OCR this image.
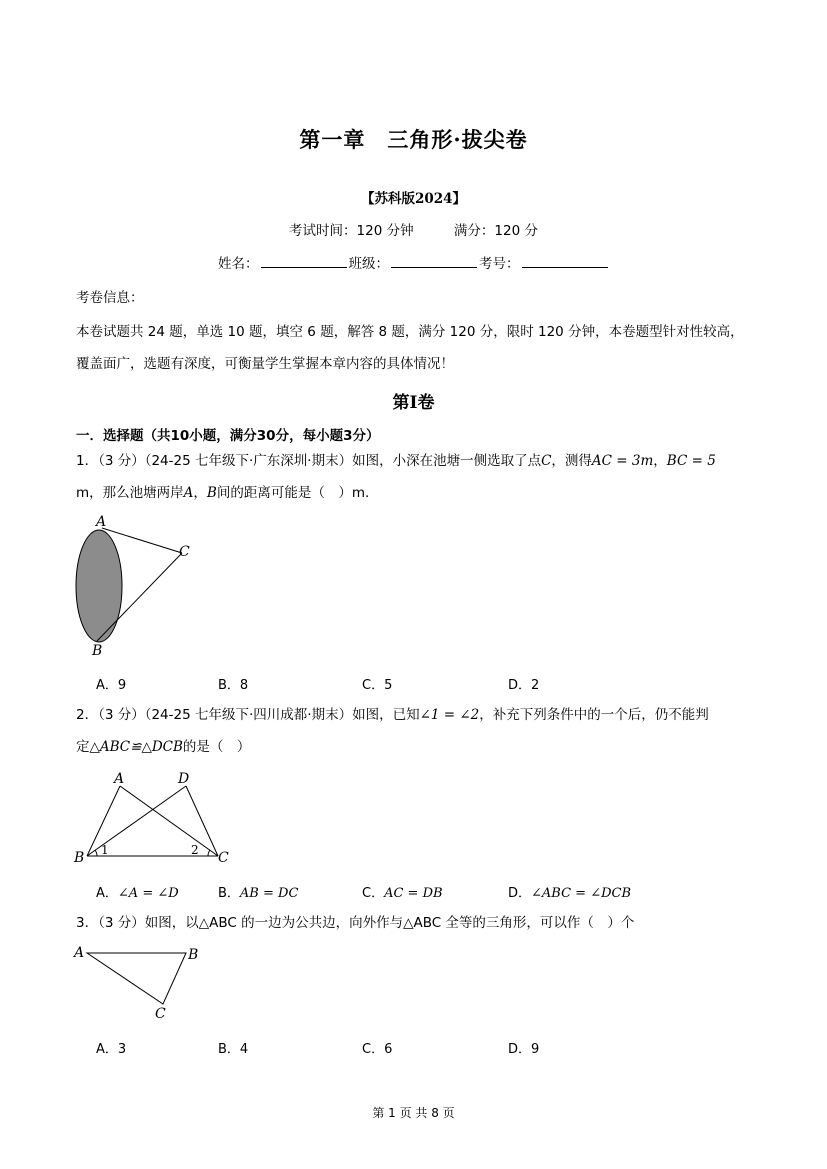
第一章　三角形·拔尖卷
【苏科版2024】
考试时间：120 分钟	满分：120 分
姓名：	班级：	考号：
考卷信息：
本卷试题共 24 题，单选 10 题，填空 6 题，解答 8 题，满分 120 分，限时 120 分钟，本卷题型针对性较高，覆盖面广，选题有深度，可衡量学生掌握本章内容的具体情况！
第Ⅰ卷
一．选择题（共10小题，满分30分，每小题3分）
1．（3 分）（24-25 七年级下·广东深圳·期末）如图，小深在池塘一侧选取了点C，测得AC = 3m，BC = 5
m，那么池塘两岸A，B间的距离可能是（　）m．
A
C
B
A．9	B．8	C．5	D．2
2．（3 分）（24-25 七年级下·四川成都·期末）如图，已知∠1 = ∠2，补充下列条件中的一个后，仍不能判
定△ABC≌△DCB的是（　）
A	D
B	C
1	2
A．∠A = ∠D	B．AB = DC	C．AC = DB	D．∠ABC = ∠DCB
3．（3 分）如图，以△ABC 的一边为公共边，向外作与△ABC 全等的三角形，可以作（　）个
A	B
C
A．3	B．4	C．6	D．9
第 1 页 共 8 页
